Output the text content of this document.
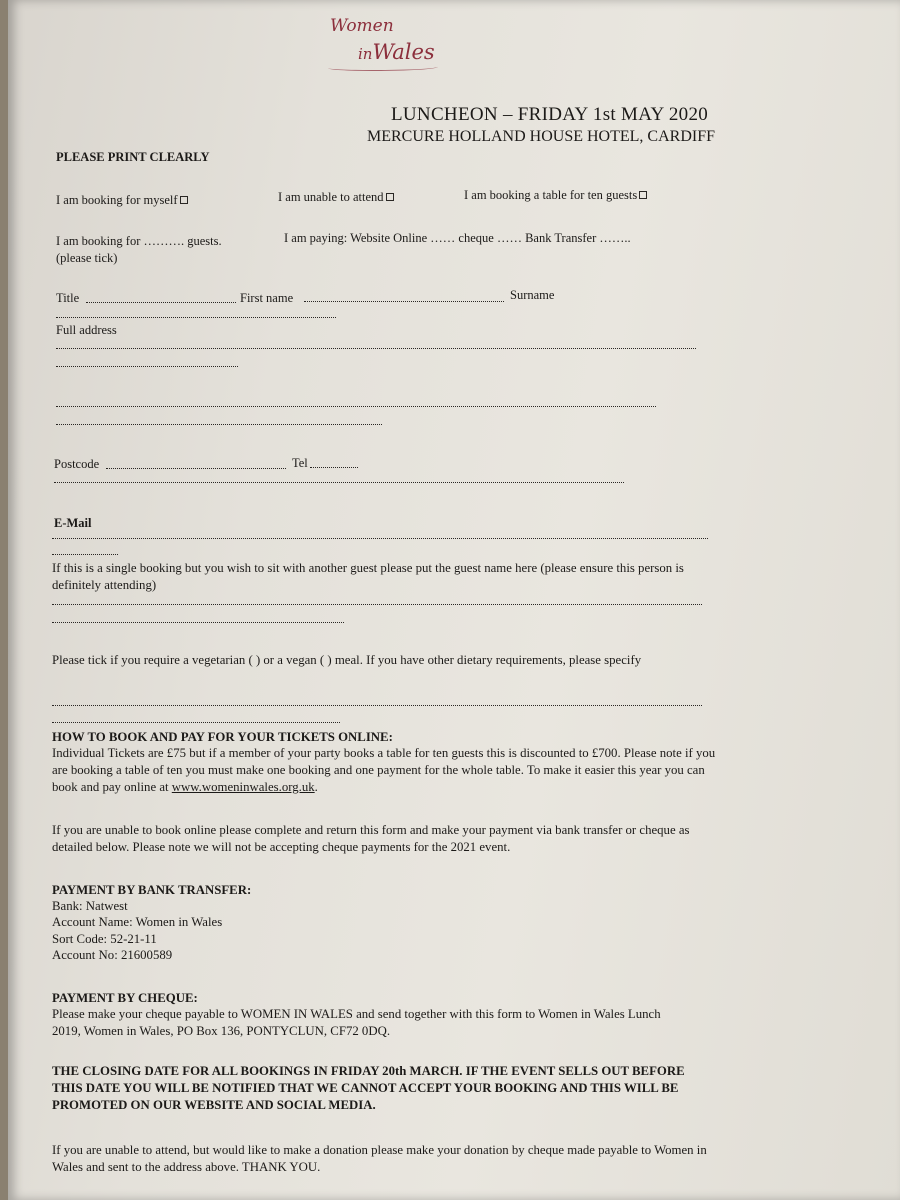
Women
inWales
LUNCHEON – FRIDAY 1st MAY 2020
MERCURE HOLLAND HOUSE HOTEL, CARDIFF
PLEASE PRINT CLEARLY
I am booking for myself	I am unable to attend	I am booking a table for ten guests
I am booking for ………. guests.
(please tick)
I am paying: Website Online …… cheque …… Bank Transfer ……..
Title	First name	Surname
Full address
Postcode	Tel
E-Mail
If this is a single booking but you wish to sit with another guest please put the guest name here (please ensure this person is definitely attending)
Please tick if you require a vegetarian ( ) or a vegan ( ) meal. If you have other dietary requirements, please specify
HOW TO BOOK AND PAY FOR YOUR TICKETS ONLINE:
Individual Tickets are £75 but if a member of your party books a table for ten guests this is discounted to £700. Please note if you are booking a table of ten you must make one booking and one payment for the whole table. To make it easier this year you can book and pay online at www.womeninwales.org.uk.
If you are unable to book online please complete and return this form and make your payment via bank transfer or cheque as detailed below. Please note we will not be accepting cheque payments for the 2021 event.
PAYMENT BY BANK TRANSFER:
Bank: Natwest
Account Name: Women in Wales
Sort Code: 52-21-11
Account No: 21600589
PAYMENT BY CHEQUE:
Please make your cheque payable to WOMEN IN WALES and send together with this form to Women in Wales Lunch 2019, Women in Wales, PO Box 136, PONTYCLUN, CF72 0DQ.
THE CLOSING DATE FOR ALL BOOKINGS IN FRIDAY 20th MARCH. IF THE EVENT SELLS OUT BEFORE THIS DATE YOU WILL BE NOTIFIED THAT WE CANNOT ACCEPT YOUR BOOKING AND THIS WILL BE PROMOTED ON OUR WEBSITE AND SOCIAL MEDIA.
If you are unable to attend, but would like to make a donation please make your donation by cheque made payable to Women in Wales and sent to the address above. THANK YOU.
